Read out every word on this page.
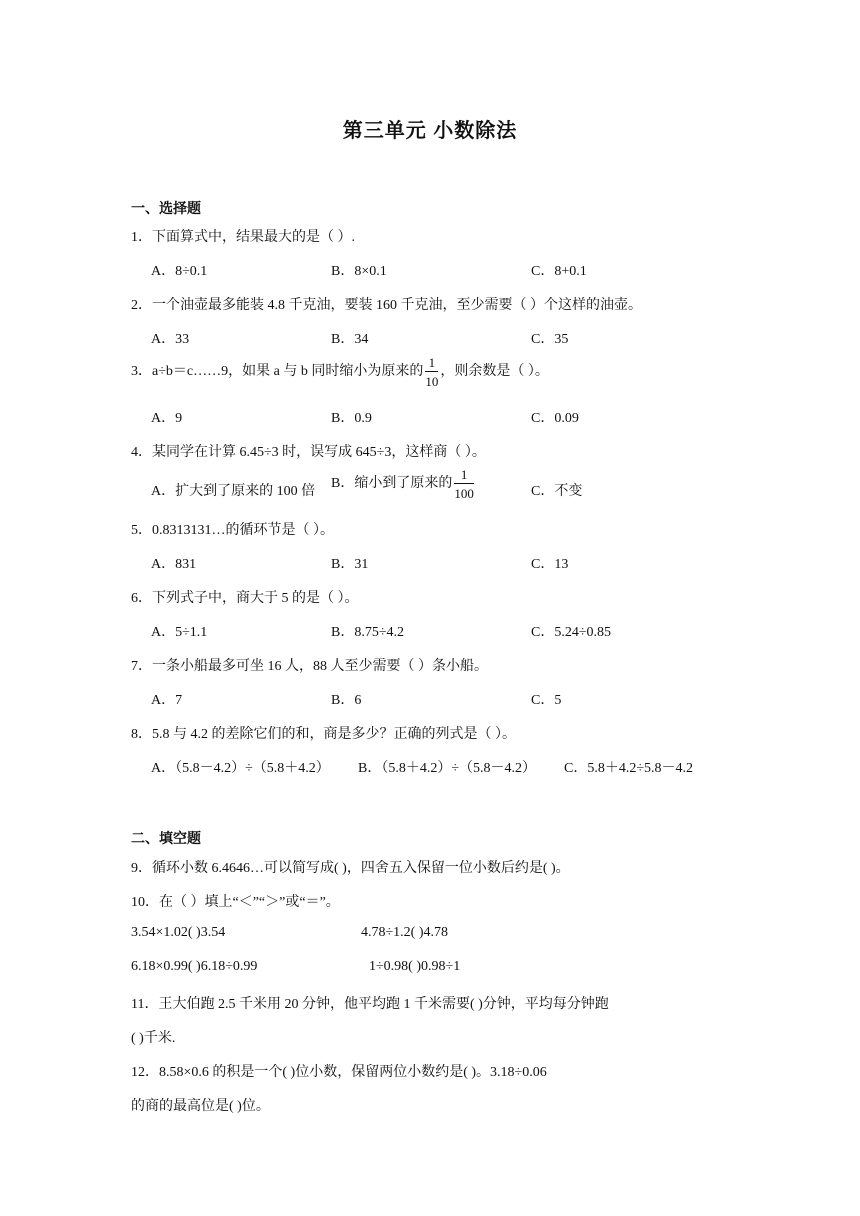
第三单元 小数除法
一、选择题
1．下面算式中，结果最大的是（ ）.
A．8÷0.1	B．8×0.1	C．8+0.1
2．一个油壶最多能装 4.8 千克油，要装 160 千克油，至少需要（ ）个这样的油壶。
A．33	B．34	C．35
3．a÷b＝c……9，如果 a 与 b 同时缩小为原来的 $\frac{1}{10}$ ，则余数是（ ）。
A．9	B．0.9	C．0.09
4．某同学在计算 6.45÷3 时，误写成 645÷3，这样商（ ）。
A．扩大到了原来的 100 倍
B．缩小到了原来的 $\frac{1}{100}$	C．不变
5．0.8313131…的循环节是（ ）。
A．831	B．31	C．13
6．下列式子中，商大于 5 的是（ ）。
A．5÷1.1	B．8.75÷4.2	C．5.24÷0.85
7．一条小船最多可坐 16 人，88 人至少需要（ ）条小船。
A．7	B．6	C．5
8．5.8 与 4.2 的差除它们的和，商是多少？正确的列式是（ ）。
A．（5.8－4.2）÷（5.8＋4.2） B．（5.8＋4.2）÷（5.8－4.2） C．5.8＋4.2÷5.8－4.2
二、填空题
9．循环小数 6.4646…可以简写成( )，四舍五入保留一位小数后约是( )。
10．在（ ）填上“＜”“＞”或“＝”。
3.54×1.02( )3.54	4.78÷1.2( )4.78
6.18×0.99( )6.18÷0.99	1÷0.98( )0.98÷1
11．王大伯跑 2.5 千米用 20 分钟，他平均跑 1 千米需要( )分钟，平均每分钟跑
( )千米.
12．8.58×0.6 的积是一个( )位小数，保留两位小数约是( )。3.18÷0.06
的商的最高位是( )位。
